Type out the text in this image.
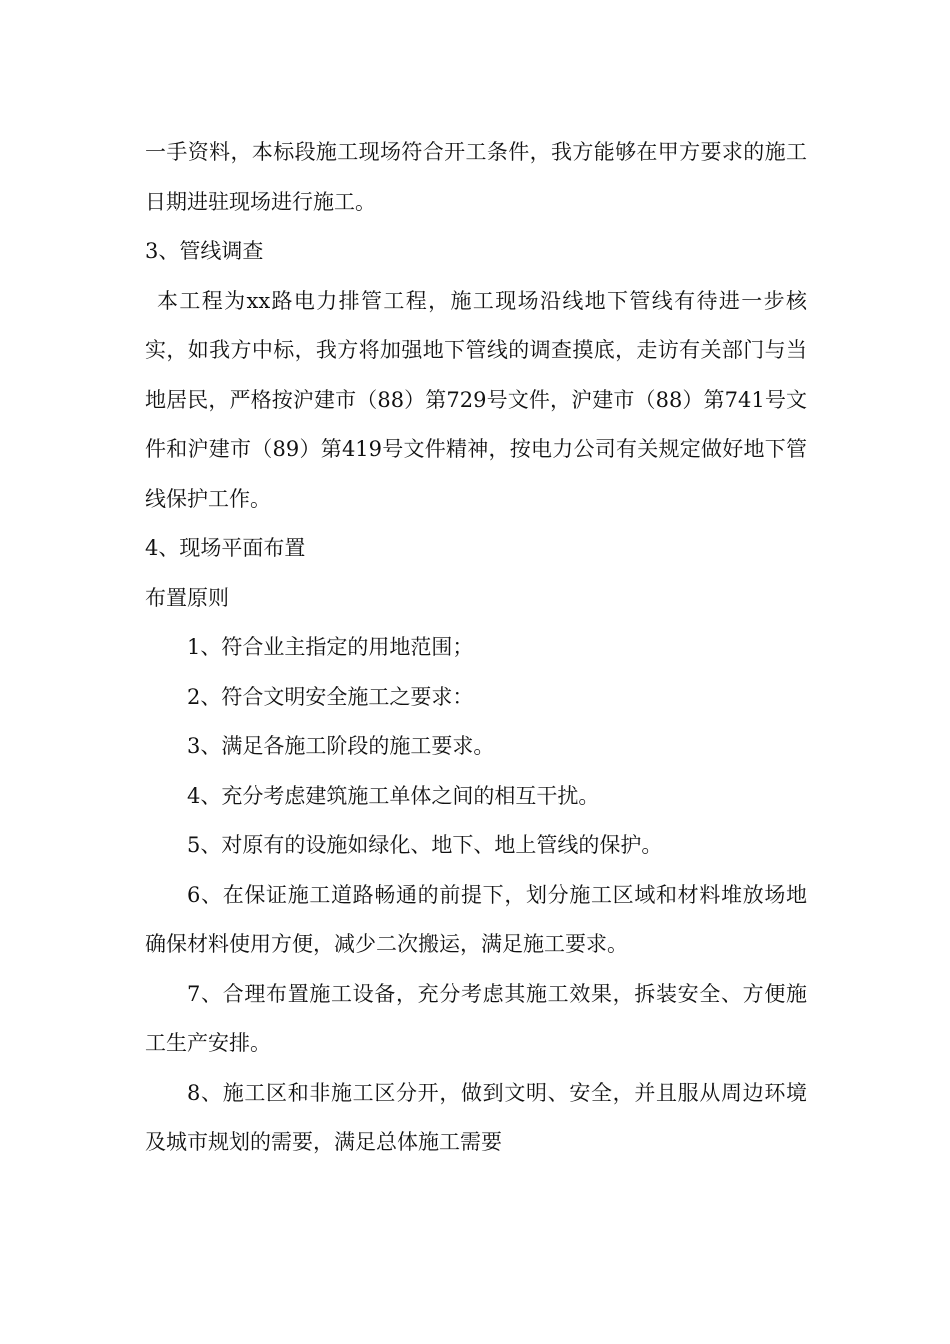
一手资料，本标段施工现场符合开工条件，我方能够在甲方要求的施工日期进驻现场进行施工。

3、管线调查

本工程为xx路电力排管工程，施工现场沿线地下管线有待进一步核实，如我方中标，我方将加强地下管线的调查摸底，走访有关部门与当地居民，严格按沪建市（88）第729号文件，沪建市（88）第741号文件和沪建市（89）第419号文件精神，按电力公司有关规定做好地下管线保护工作。

4、现场平面布置

布置原则

1、符合业主指定的用地范围；

2、符合文明安全施工之要求：

3、满足各施工阶段的施工要求。

4、充分考虑建筑施工单体之间的相互干扰。

5、对原有的设施如绿化、地下、地上管线的保护。

6、在保证施工道路畅通的前提下，划分施工区域和材料堆放场地确保材料使用方便，减少二次搬运，满足施工要求。

7、合理布置施工设备，充分考虑其施工效果，拆装安全、方便施工生产安排。

8、施工区和非施工区分开，做到文明、安全，并且服从周边环境及城市规划的需要，满足总体施工需要
